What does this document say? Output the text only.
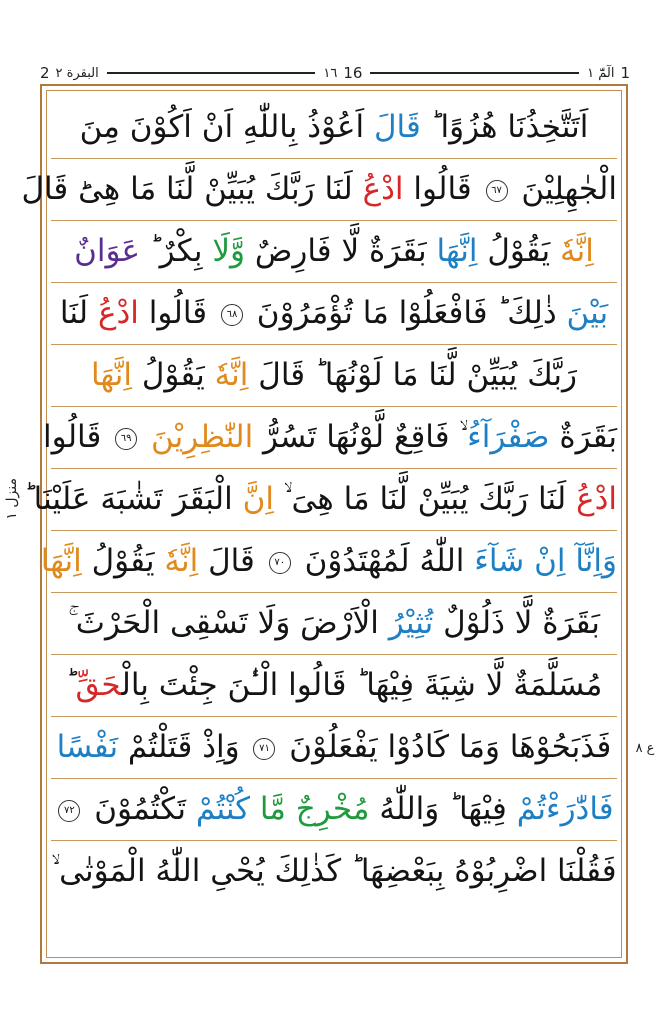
2 البقرة ٢	١٦ 16	الٓمّٓ ١ 1
اَتَتَّخِذُنَا هُزُوًا ؕ قَالَ اَعُوْذُ بِاللّٰهِ اَنْ اَكُوْنَ مِنَ
الْجٰهِلِيْنَ ٦٧ قَالُوا ادْعُ لَنَا رَبَّكَ يُبَيِّنْ لَّنَا مَا هِىَؕ قَالَ
اِنَّهٗ يَقُوْلُ اِنَّهَا بَقَرَةٌ لَّا فَارِضٌ وَّلَا بِكْرٌ ؕ عَوَانٌ
بَيْنَ ذٰلِكَ ؕ فَافْعَلُوْا مَا تُؤْمَرُوْنَ ٦٨ قَالُوا ادْعُ لَنَا
رَبَّكَ يُبَيِّنْ لَّنَا مَا لَوْنُهَا ؕ قَالَ اِنَّهٗ يَقُوْلُ اِنَّهَا
بَقَرَةٌ صَفْرَآءُ ۙ فَاقِعٌ لَّوْنُهَا تَسُرُّ النّٰظِرِيْنَ ٦٩ قَالُوا
ادْعُ لَنَا رَبَّكَ يُبَيِّنْ لَّنَا مَا هِىَ ۙ اِنَّ الْبَقَرَ تَشٰبَهَ عَلَيْنَا ؕ
وَاِنَّآ اِنْ شَآءَ اللّٰهُ لَمُهْتَدُوْنَ ٧٠ قَالَ اِنَّهٗ يَقُوْلُ اِنَّهَا
بَقَرَةٌ لَّا ذَلُوْلٌ تُثِيْرُ الْاَرْضَ وَلَا تَسْقِى الْحَرْثَ ۚ
مُسَلَّمَةٌ لَّا شِيَةَ فِيْهَا ؕ قَالُوا الْـٰٔنَ جِئْتَ بِالْحَقِّ ؕ
فَذَبَحُوْهَا وَمَا كَادُوْا يَفْعَلُوْنَ ٧١ وَاِذْ قَتَلْتُمْ نَفْسًا
فَادّٰرَءْتُمْ فِيْهَا ؕ وَاللّٰهُ مُخْرِجٌ مَّا كُنْتُمْ تَكْتُمُوْنَ ٧٢
فَقُلْنَا اضْرِبُوْهُ بِبَعْضِهَا ؕ كَذٰلِكَ يُحْىِ اللّٰهُ الْمَوْتٰى ۙ
منزل ١
ع ٨
